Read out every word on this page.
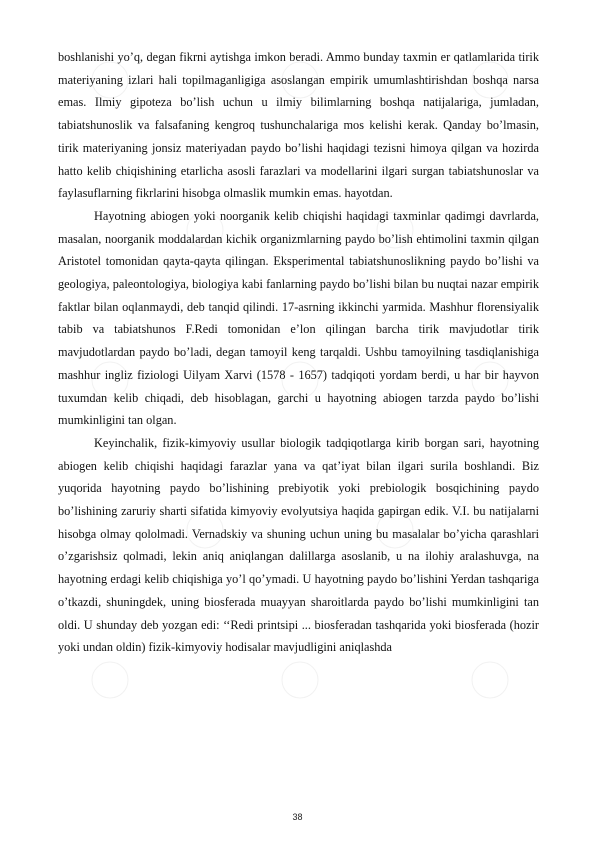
boshlanishi yo’q, degan fikrni aytishga imkon beradi. Ammo bunday taxmin er qatlamlarida tirik materiyaning izlari hali topilmaganligiga asoslangan empirik umumlashtirishdan boshqa narsa emas. Ilmiy gipoteza bo’lish uchun u ilmiy bilimlarning boshqa natijalariga, jumladan, tabiatshunoslik va falsafaning kengroq tushunchalariga mos kelishi kerak. Qanday bo’lmasin, tirik materiyaning jonsiz materiyadan paydo bo’lishi haqidagi tezisni himoya qilgan va hozirda hatto kelib chiqishining etarlicha asosli farazlari va modellarini ilgari surgan tabiatshunoslar va faylasuflarning fikrlarini hisobga olmaslik mumkin emas. hayotdan.

Hayotning abiogen yoki noorganik kelib chiqishi haqidagi taxminlar qadimgi davrlarda, masalan, noorganik moddalardan kichik organizmlarning paydo bo’lish ehtimolini taxmin qilgan Aristotel tomonidan qayta-qayta qilingan. Eksperimental tabiatshunoslikning paydo bo’lishi va geologiya, paleontologiya, biologiya kabi fanlarning paydo bo’lishi bilan bu nuqtai nazar empirik faktlar bilan oqlanmaydi, deb tanqid qilindi. 17-asrning ikkinchi yarmida. Mashhur florensiyalik tabib va tabiatshunos F.Redi tomonidan e’lon qilingan barcha tirik mavjudotlar tirik mavjudotlardan paydo bo’ladi, degan tamoyil keng tarqaldi. Ushbu tamoyilning tasdiqlanishiga mashhur ingliz fiziologi Uilyam Xarvi (1578 - 1657) tadqiqoti yordam berdi, u har bir hayvon tuxumdan kelib chiqadi, deb hisoblagan, garchi u hayotning abiogen tarzda paydo bo’lishi mumkinligini tan olgan.

Keyinchalik, fizik-kimyoviy usullar biologik tadqiqotlarga kirib borgan sari, hayotning abiogen kelib chiqishi haqidagi farazlar yana va qat’iyat bilan ilgari surila boshlandi. Biz yuqorida hayotning paydo bo’lishining prebiyotik yoki prebiologik bosqichining paydo bo’lishining zaruriy sharti sifatida kimyoviy evolyutsiya haqida gapirgan edik. V.I. bu natijalarni hisobga olmay qololmadi. Vernadskiy va shuning uchun uning bu masalalar bo’yicha qarashlari o’zgarishsiz qolmadi, lekin aniq aniqlangan dalillarga asoslanib, u na ilohiy aralashuvga, na hayotning erdagi kelib chiqishiga yo’l qo’ymadi. U hayotning paydo bo’lishini Yerdan tashqariga o’tkazdi, shuningdek, uning biosferada muayyan sharoitlarda paydo bo’lishi mumkinligini tan oldi. U shunday deb yozgan edi: ‘‘Redi printsipi ... biosferadan tashqarida yoki biosferada (hozir yoki undan oldin) fizik-kimyoviy hodisalar mavjudligini aniqlashda

38
